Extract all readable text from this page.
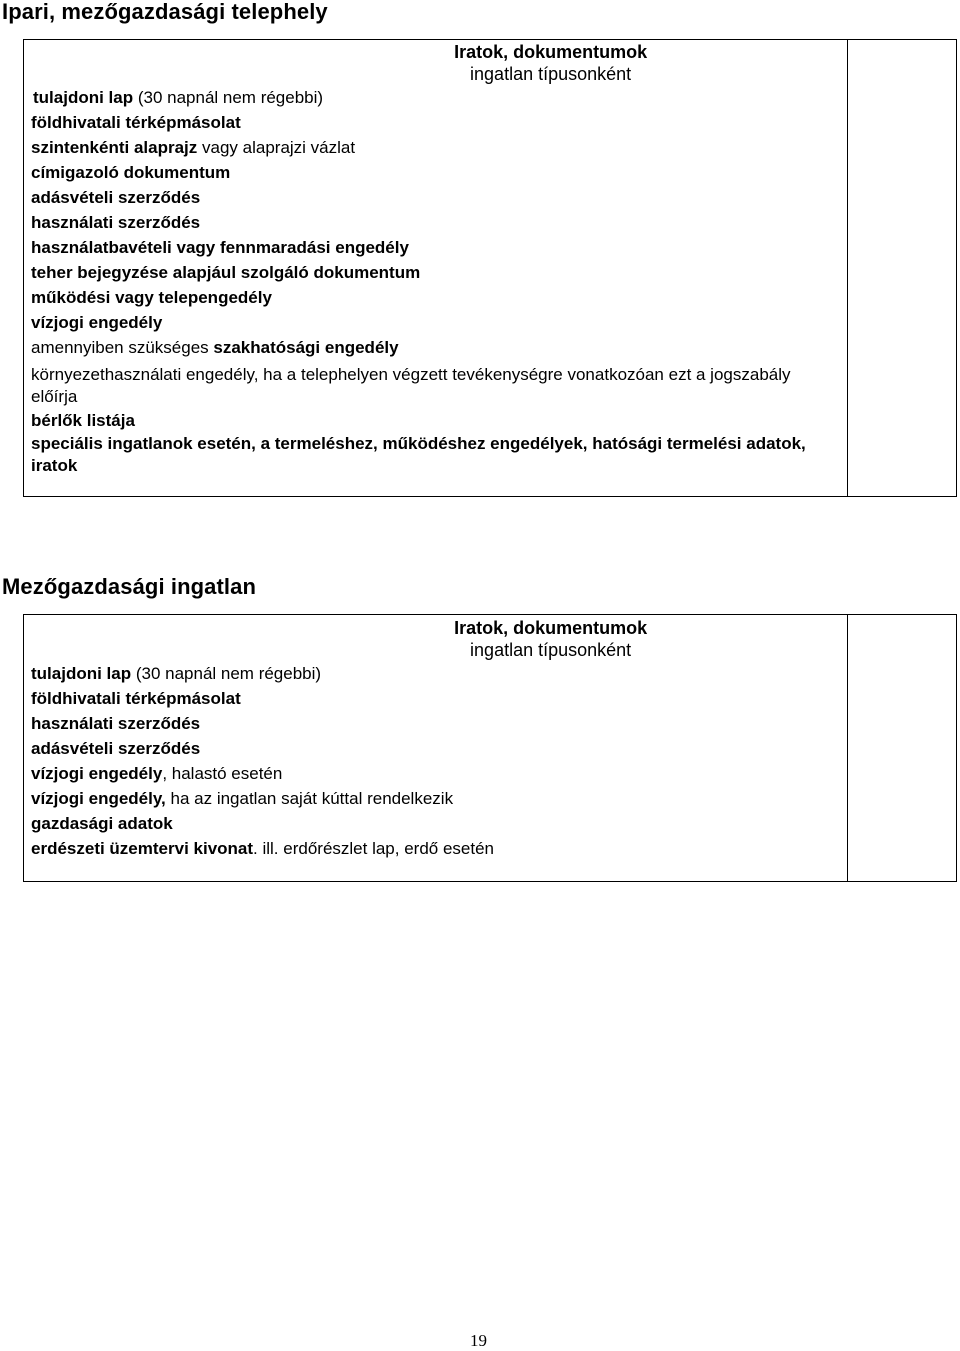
Ipari, mezőgazdasági telephely
Iratok, dokumentumok
ingatlan típusonként
tulajdoni lap (30 napnál nem régebbi)
földhivatali térképmásolat
szintenkénti alaprajz vagy alaprajzi vázlat
címigazoló dokumentum
adásvételi szerződés
használati szerződés
használatbavételi vagy fennmaradási engedély
teher bejegyzése alapjául szolgáló dokumentum
működési vagy telepengedély
vízjogi engedély
amennyiben szükséges szakhatósági engedély
környezethasználati engedély, ha a telephelyen végzett tevékenységre vonatkozóan ezt a jogszabály előírja
bérlők listája
speciális ingatlanok esetén, a termeléshez, működéshez engedélyek, hatósági termelési adatok, iratok

Mezőgazdasági ingatlan
Iratok, dokumentumok
ingatlan típusonként
tulajdoni lap (30 napnál nem régebbi)
földhivatali térképmásolat
használati szerződés
adásvételi szerződés
vízjogi engedély, halastó esetén
vízjogi engedély, ha az ingatlan saját kúttal rendelkezik
gazdasági adatok
erdészeti üzemtervi kivonat. ill. erdőrészlet lap, erdő esetén

19
